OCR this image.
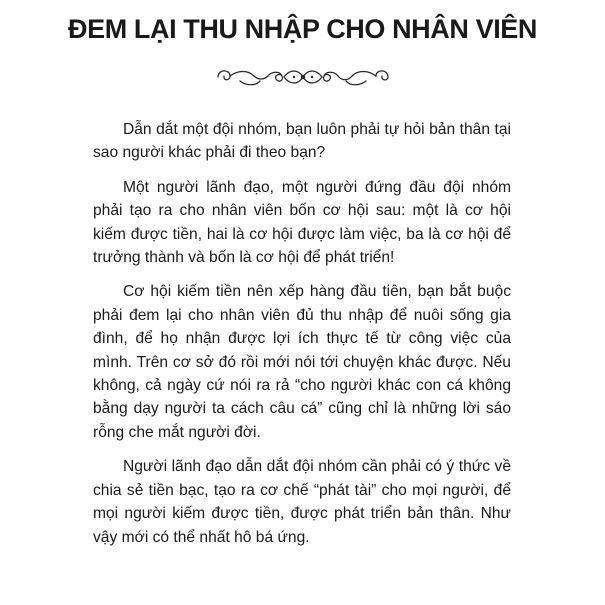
ĐEM LẠI THU NHẬP CHO NHÂN VIÊN

Dẫn dắt một đội nhóm, bạn luôn phải tự hỏi bản thân tại sao người khác phải đi theo bạn?

Một người lãnh đạo, một người đứng đầu đội nhóm phải tạo ra cho nhân viên bốn cơ hội sau: một là cơ hội kiếm được tiền, hai là cơ hội được làm việc, ba là cơ hội để trưởng thành và bốn là cơ hội để phát triển!

Cơ hội kiếm tiền nên xếp hàng đầu tiên, bạn bắt buộc phải đem lại cho nhân viên đủ thu nhập để nuôi sống gia đình, để họ nhận được lợi ích thực tế từ công việc của mình. Trên cơ sở đó rồi mới nói tới chuyện khác được. Nếu không, cả ngày cứ nói ra rả “cho người khác con cá không bằng dạy người ta cách câu cá” cũng chỉ là những lời sáo rỗng che mắt người đời.

Người lãnh đạo dẫn dắt đội nhóm cần phải có ý thức về chia sẻ tiền bạc, tạo ra cơ chế “phát tài” cho mọi người, để mọi người kiếm được tiền, được phát triển bản thân. Như vậy mới có thể nhất hô bá ứng.
